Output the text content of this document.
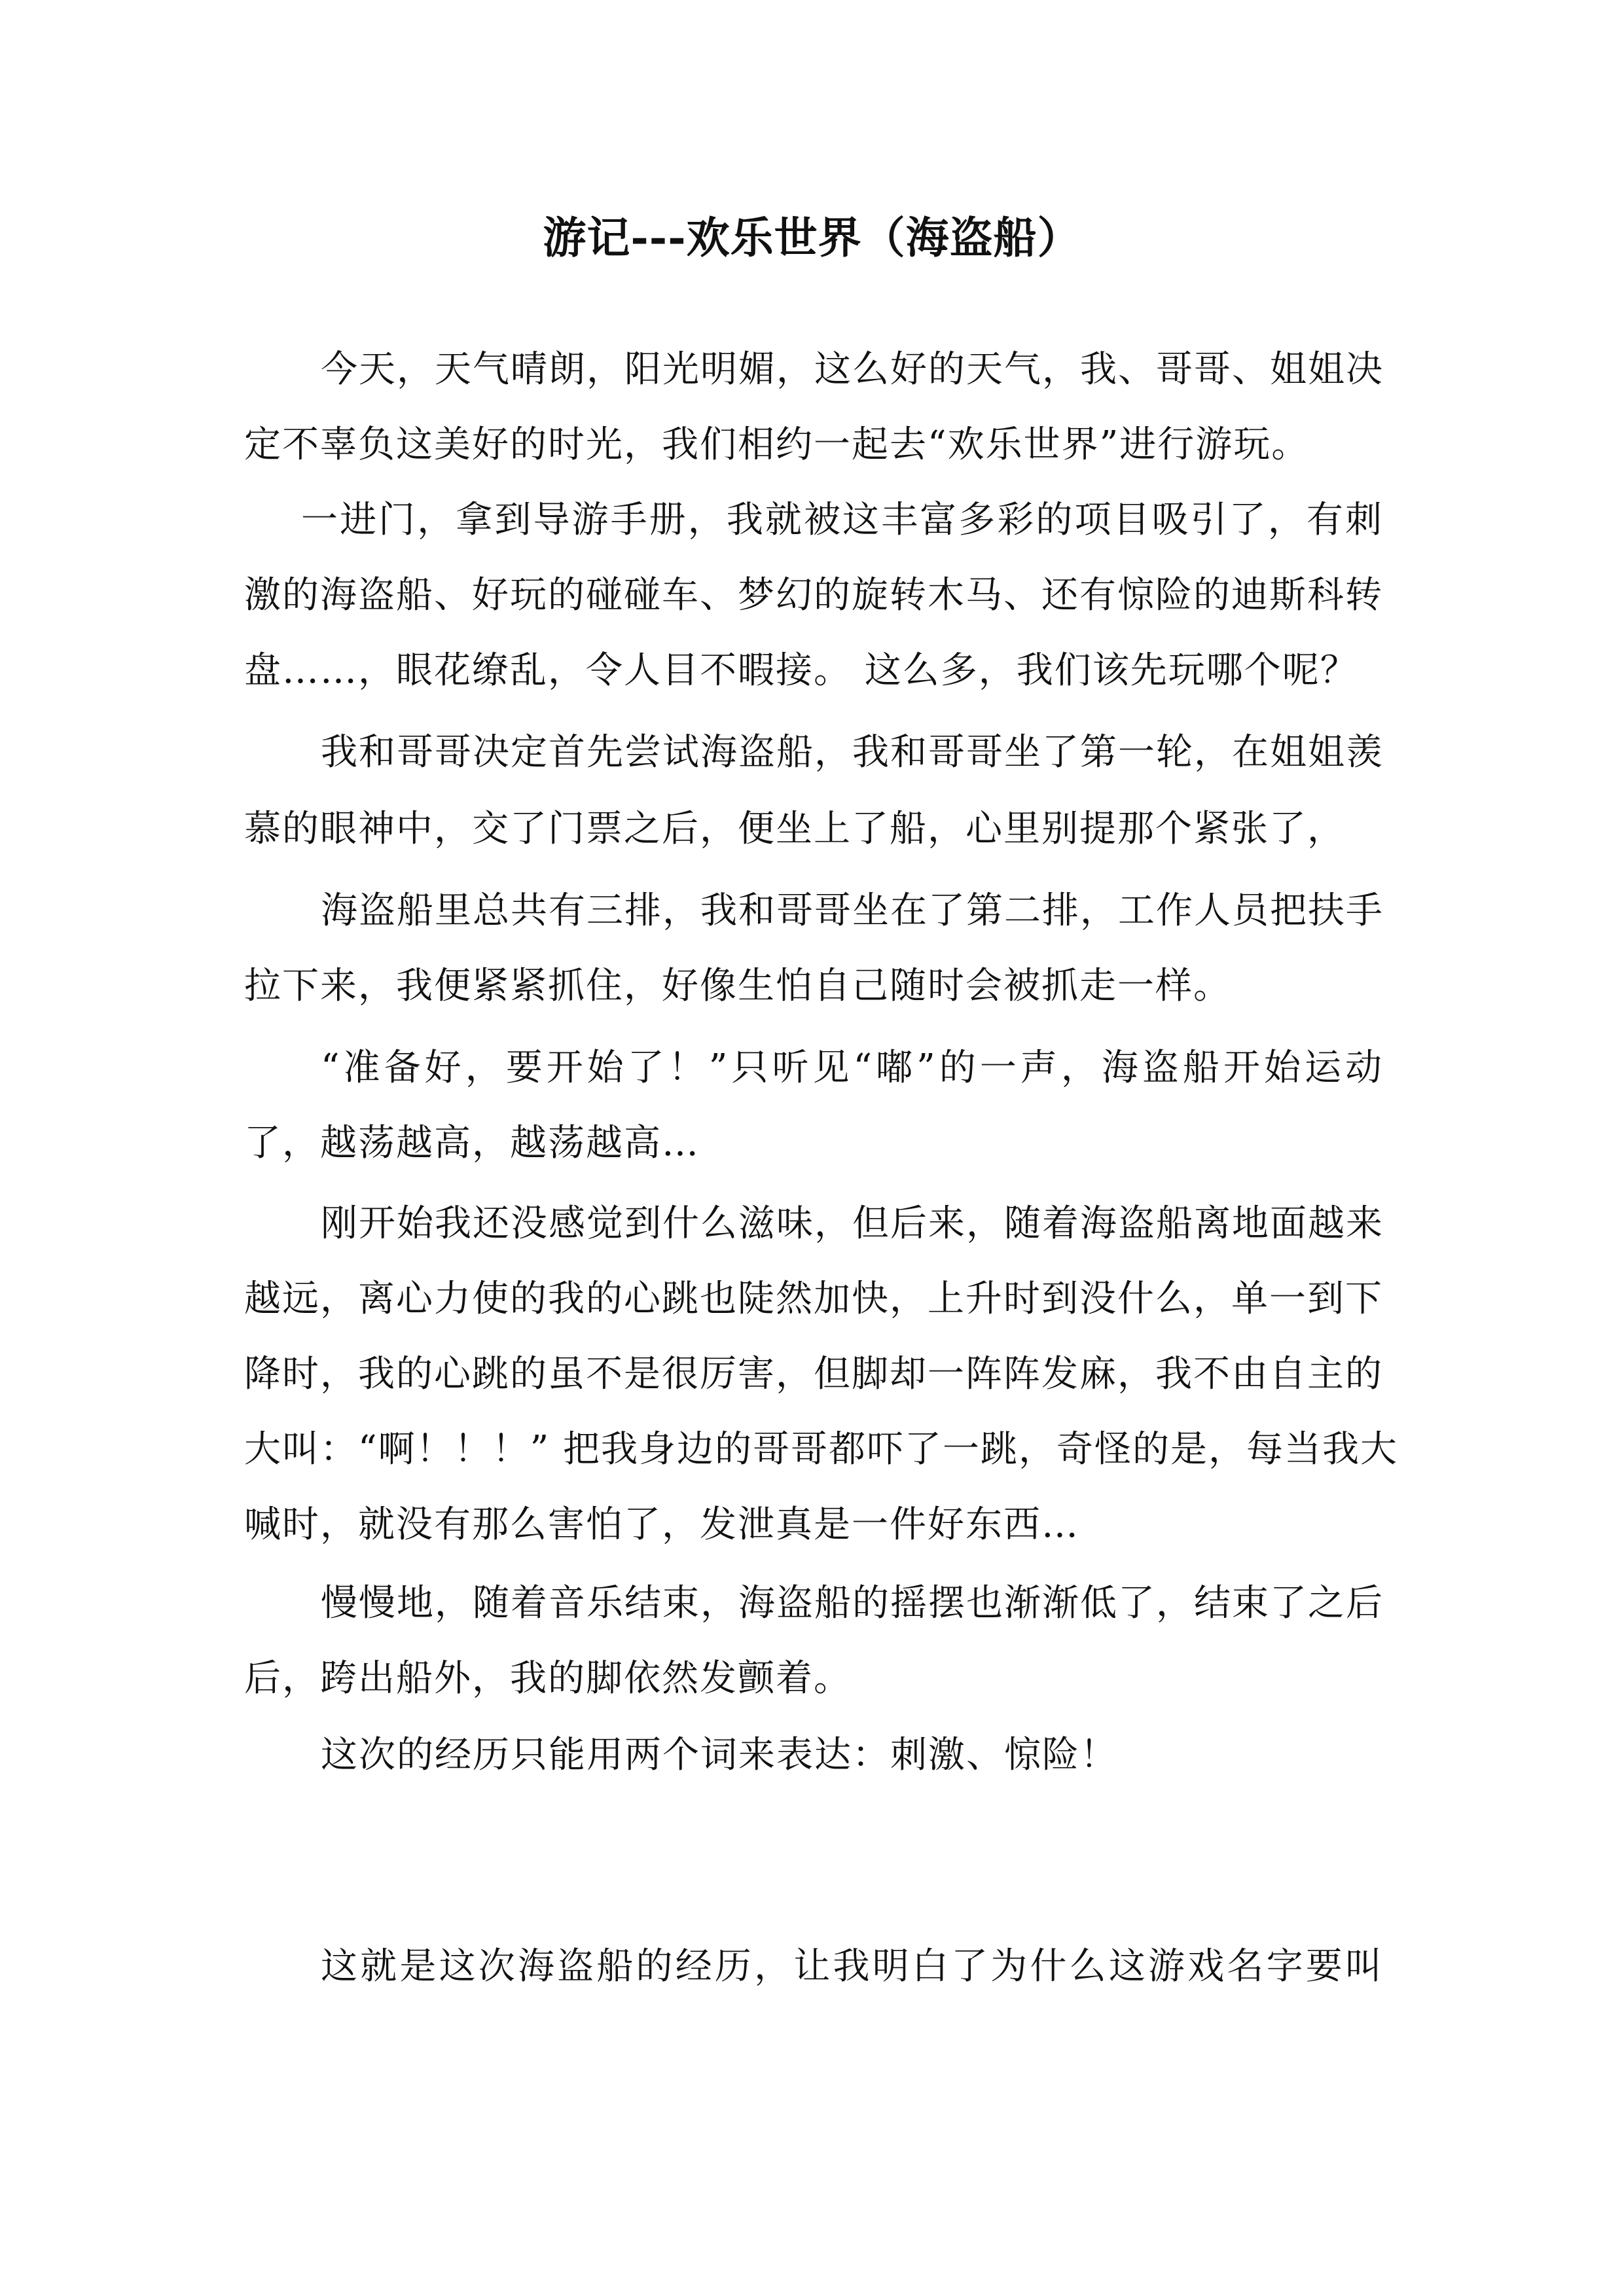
游记---欢乐世界（海盗船）
今天，天气晴朗，阳光明媚，这么好的天气，我、哥哥、姐姐决
定不辜负这美好的时光，我们相约一起去“欢乐世界”进行游玩。
一进门，拿到导游手册，我就被这丰富多彩的项目吸引了，有刺
激的海盗船、好玩的碰碰车、梦幻的旋转木马、还有惊险的迪斯科转
盘……，眼花缭乱，令人目不暇接。 这么多，我们该先玩哪个呢？
我和哥哥决定首先尝试海盗船，我和哥哥坐了第一轮，在姐姐羡
慕的眼神中，交了门票之后，便坐上了船，心里别提那个紧张了，
海盗船里总共有三排，我和哥哥坐在了第二排，工作人员把扶手
拉下来，我便紧紧抓住，好像生怕自己随时会被抓走一样。
“准备好，要开始了！”只听见“嘟”的一声，海盗船开始运动
了，越荡越高，越荡越高…
刚开始我还没感觉到什么滋味，但后来，随着海盗船离地面越来
越远，离心力使的我的心跳也陡然加快，上升时到没什么，单一到下
降时，我的心跳的虽不是很厉害，但脚却一阵阵发麻，我不由自主的
大叫：“啊！！！” 把我身边的哥哥都吓了一跳，奇怪的是，每当我大
喊时，就没有那么害怕了，发泄真是一件好东西…
慢慢地，随着音乐结束，海盗船的摇摆也渐渐低了，结束了之后
后，跨出船外，我的脚依然发颤着。
这次的经历只能用两个词来表达：刺激、惊险！
这就是这次海盗船的经历，让我明白了为什么这游戏名字要叫
